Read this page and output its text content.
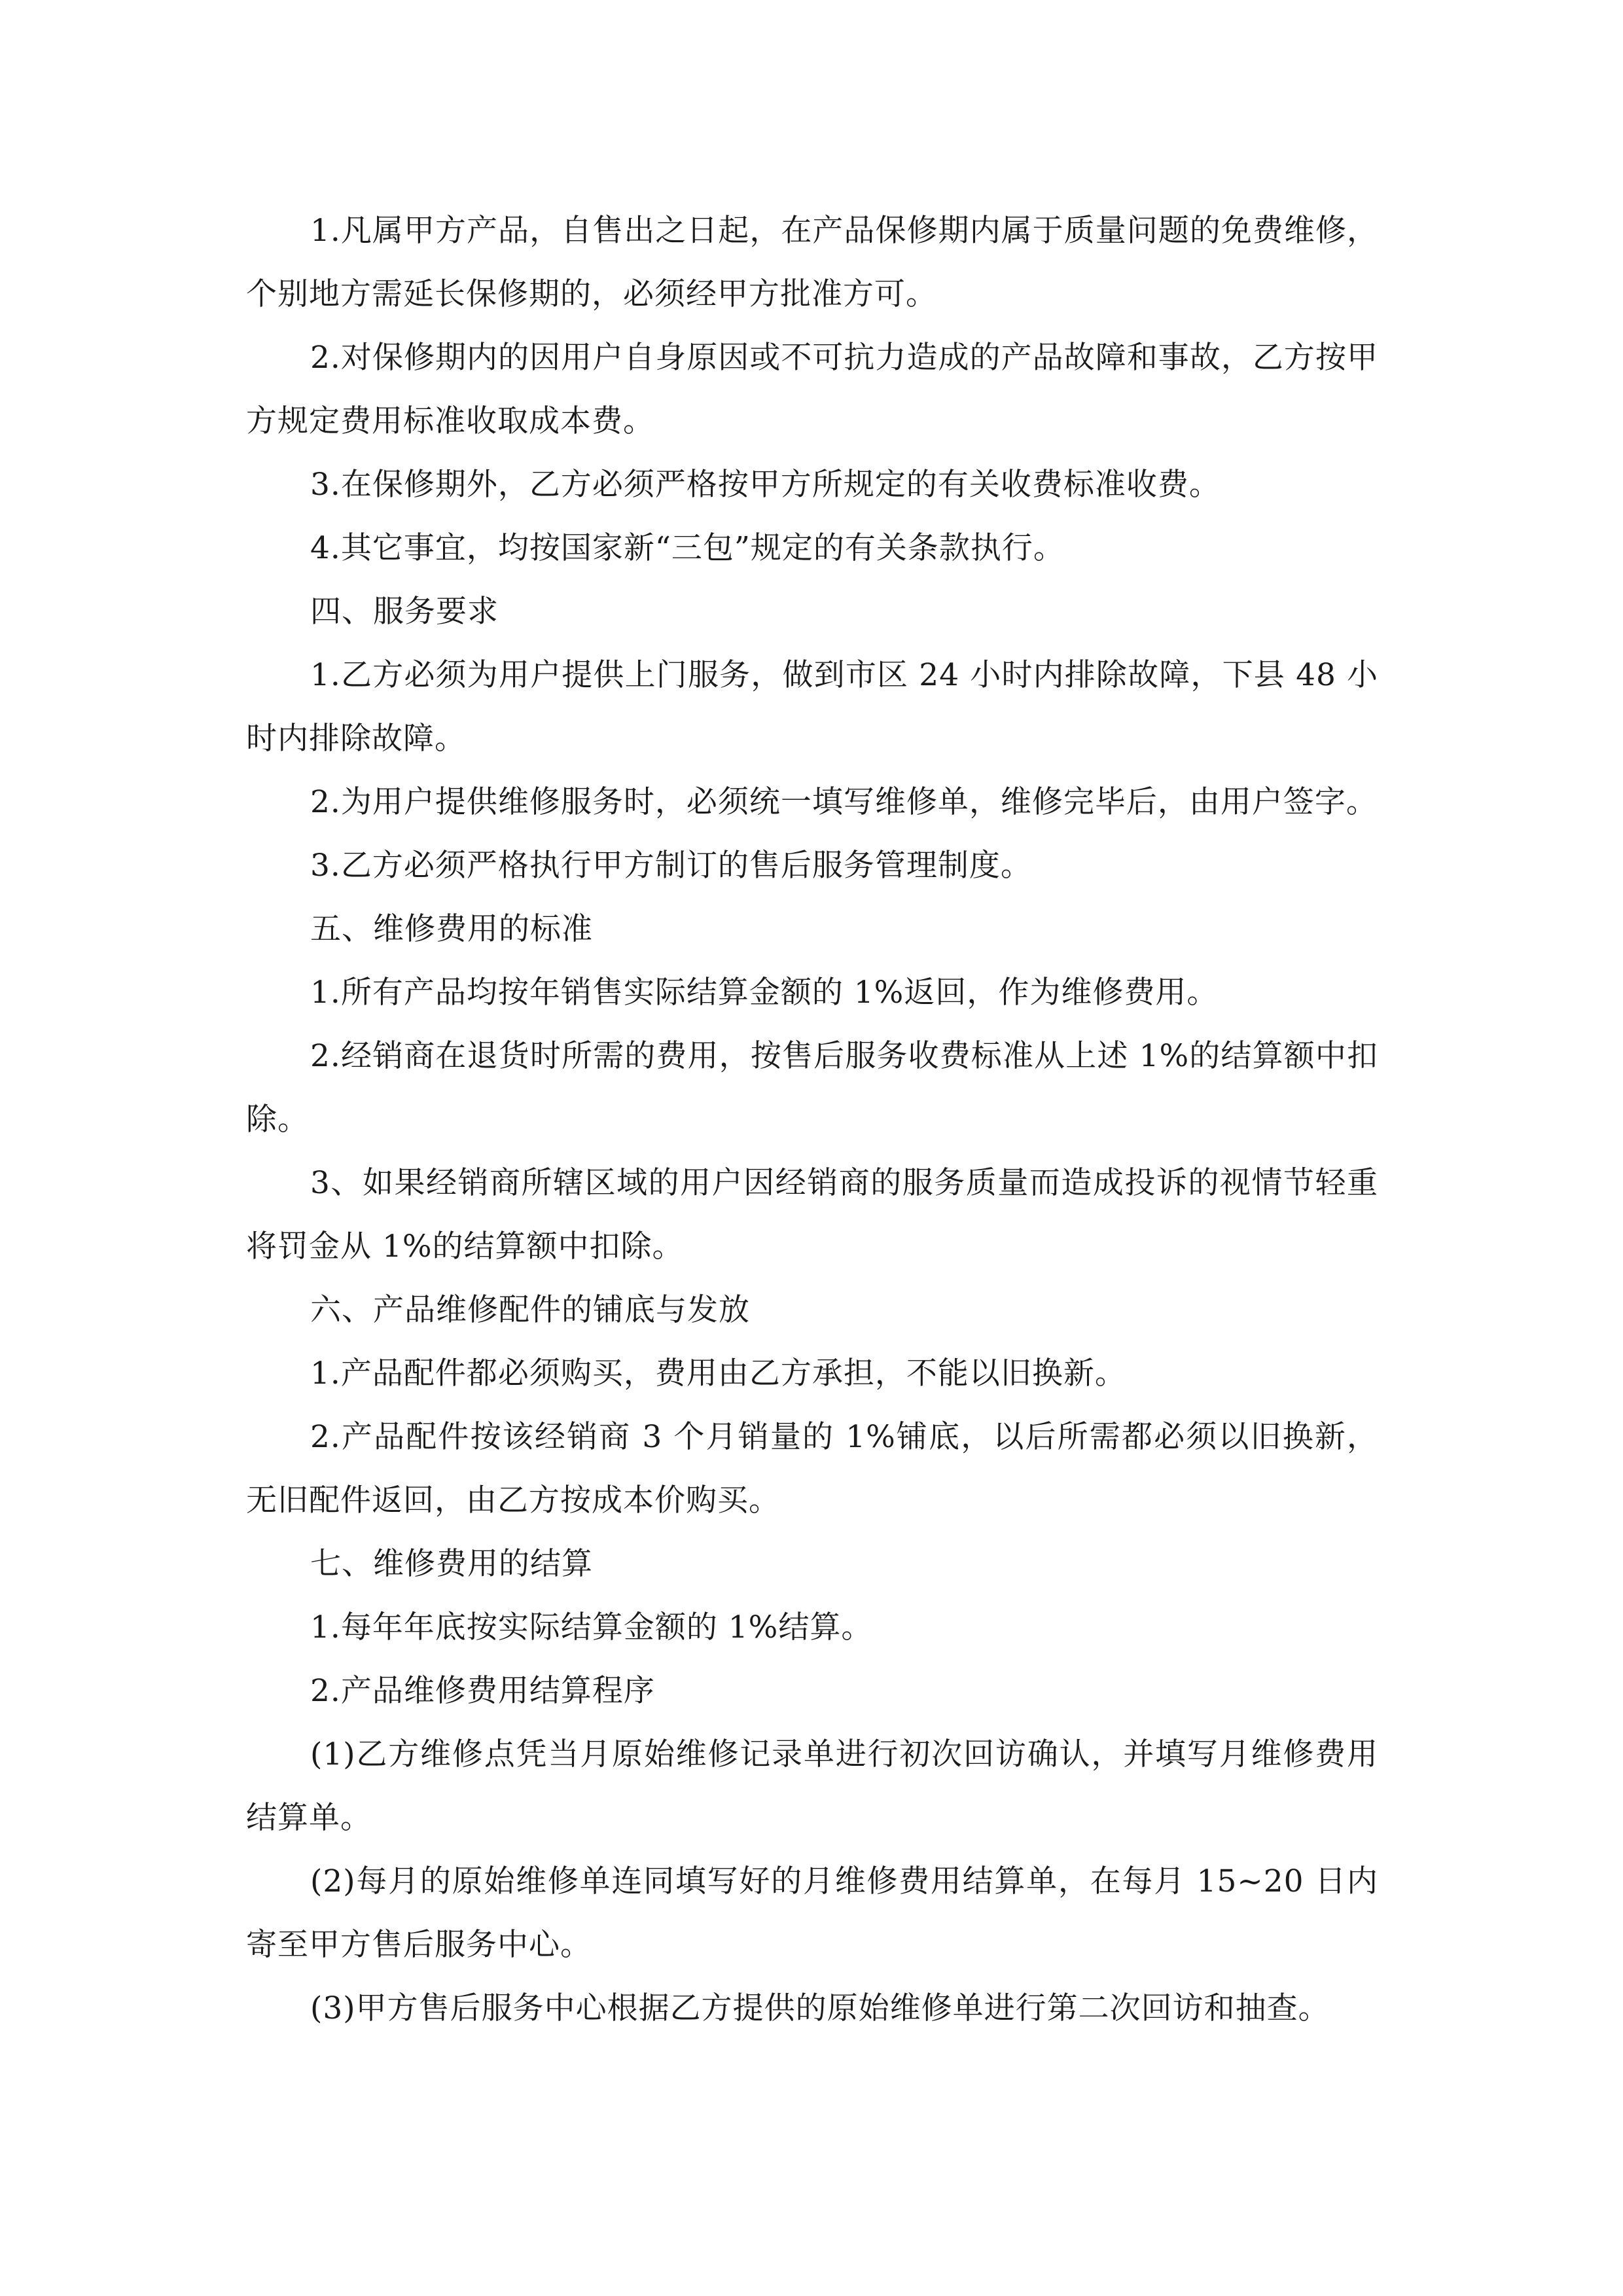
1.凡属甲方产品，自售出之日起，在产品保修期内属于质量问题的免费维修，个别地方需延长保修期的，必须经甲方批准方可。

2.对保修期内的因用户自身原因或不可抗力造成的产品故障和事故，乙方按甲方规定费用标准收取成本费。

3.在保修期外，乙方必须严格按甲方所规定的有关收费标准收费。

4.其它事宜，均按国家新“三包”规定的有关条款执行。

四、服务要求

1.乙方必须为用户提供上门服务，做到市区 24 小时内排除故障，下县 48 小时内排除故障。

2.为用户提供维修服务时，必须统一填写维修单，维修完毕后，由用户签字。

3.乙方必须严格执行甲方制订的售后服务管理制度。

五、维修费用的标准

1.所有产品均按年销售实际结算金额的 1%返回，作为维修费用。

2.经销商在退货时所需的费用，按售后服务收费标准从上述 1%的结算额中扣除。

3、如果经销商所辖区域的用户因经销商的服务质量而造成投诉的视情节轻重将罚金从 1%的结算额中扣除。

六、产品维修配件的铺底与发放

1.产品配件都必须购买，费用由乙方承担，不能以旧换新。

2.产品配件按该经销商 3 个月销量的 1%铺底，以后所需都必须以旧换新，无旧配件返回，由乙方按成本价购买。

七、维修费用的结算

1.每年年底按实际结算金额的 1%结算。

2.产品维修费用结算程序

(1)乙方维修点凭当月原始维修记录单进行初次回访确认，并填写月维修费用结算单。

(2)每月的原始维修单连同填写好的月维修费用结算单，在每月 15~20 日内寄至甲方售后服务中心。

(3)甲方售后服务中心根据乙方提供的原始维修单进行第二次回访和抽查。
